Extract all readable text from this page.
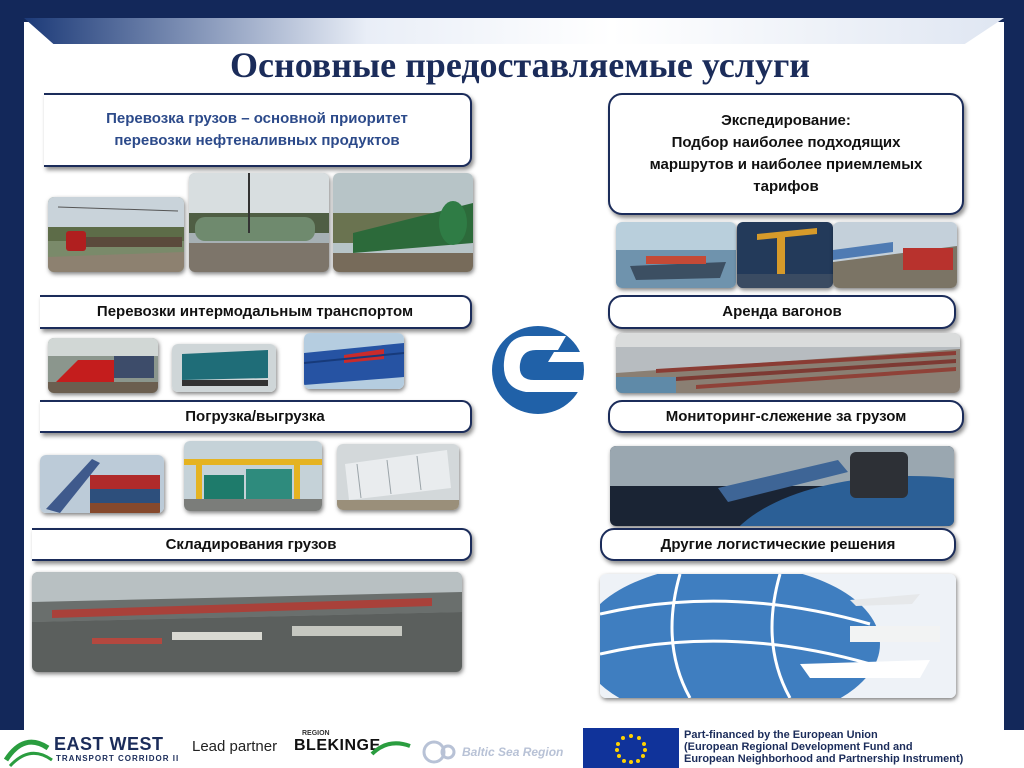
Основные предоставляемые услуги
Перевозка грузов – основной приоритет
перевозки нефтеналивных продуктов
Перевозки интермодальным транспортом
Погрузка/выгрузка
Складирования грузов
Экспедирование:
Подбор наиболее подходящих
маршрутов и наиболее приемлемых
тарифов
Аренда вагонов
Мониторинг-слежение за грузом
Другие логистические решения
EAST WEST
TRANSPORT CORRIDOR II
Lead partner
REGION
BLEKINGE	Baltic Sea Region
Part-financed by the European Union
(European Regional Development Fund and
European Neighborhood and Partnership Instrument)
